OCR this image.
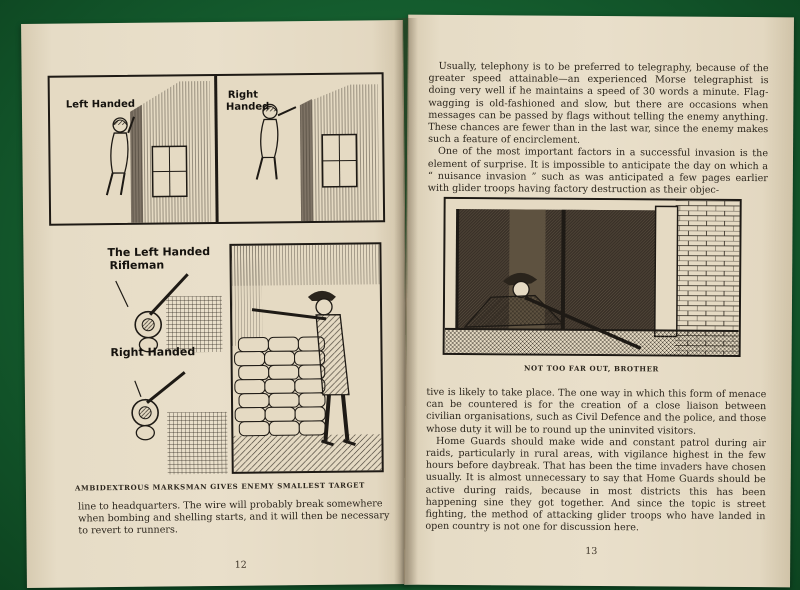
Left Handed
Right
Handed
The Left Handed
Rifleman
Right Handed
AMBIDEXTROUS MARKSMAN GIVES ENEMY SMALLEST TARGET
line to headquarters. The wire will probably break somewhere
when bombing and shelling starts, and it will then be necessary
to revert to runners.
12

Usually, telephony is to be preferred to telegraphy, because of the greater speed attainable—an experienced Morse telegraphist is doing very well if he maintains a speed of 30 words a minute. Flag-wagging is old-fashioned and slow, but there are occasions when messages can be passed by flags without telling the enemy anything. These chances are fewer than in the last war, since the enemy makes such a feature of encirclement.

One of the most important factors in a successful invasion is the element of surprise. It is impossible to anticipate the day on which a “ nuisance invasion ” such as was anticipated a few pages earlier with glider troops having factory destruction as their objec-

NOT TOO FAR OUT, BROTHER

tive is likely to take place. The one way in which this form of menace can be countered is for the creation of a close liaison between civilian organisations, such as Civil Defence and the police, and those whose duty it will be to round up the uninvited visitors.

Home Guards should make wide and constant patrol during air raids, particularly in rural areas, with vigilance highest in the few hours before daybreak. That has been the time invaders have chosen usually. It is almost unnecessary to say that Home Guards should be active during raids, because in most districts this has been happening sine they got together. And since the topic is street fighting, the method of attacking glider troops who have landed in open country is not one for discussion here.

13
